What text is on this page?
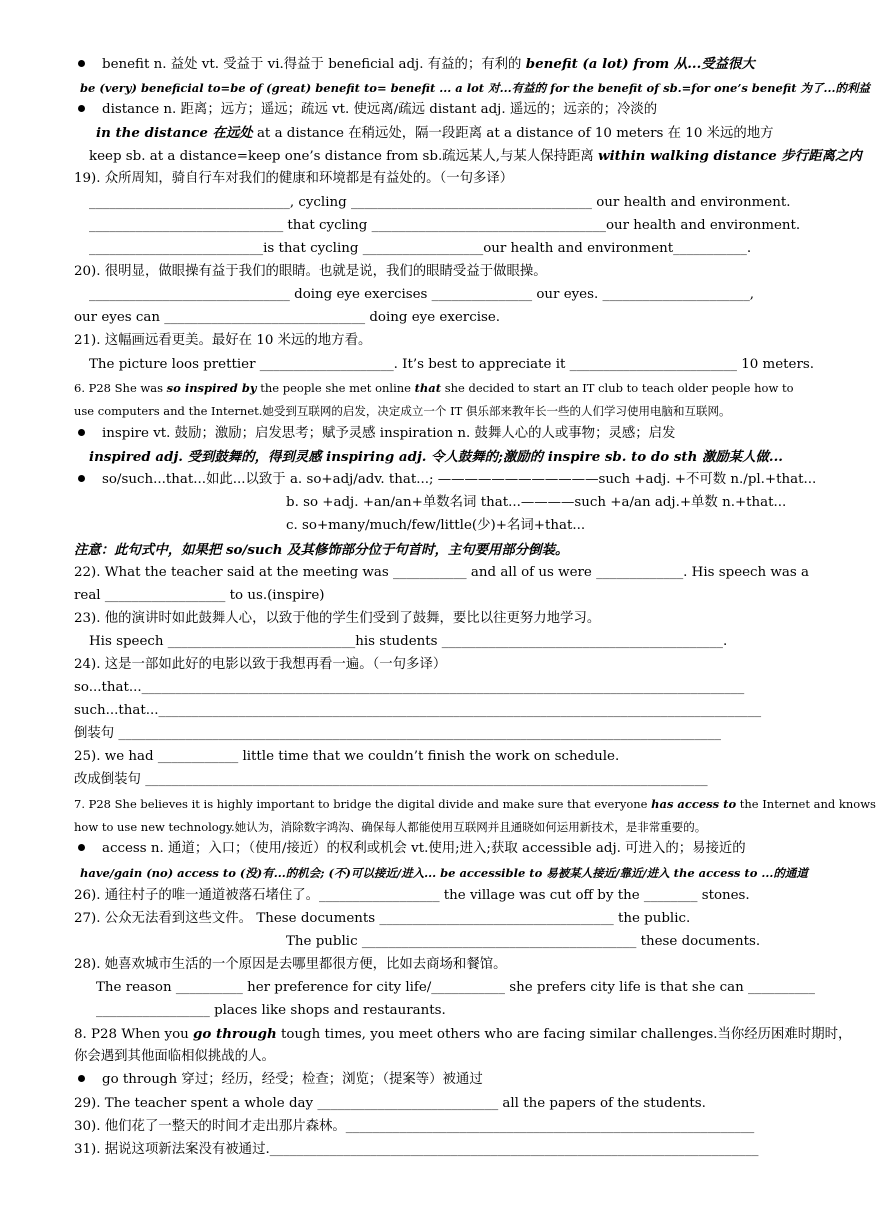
benefit n. 益处 vt. 受益于 vi.得益于 beneficial adj. 有益的；有利的 benefit (a lot) from 从...受益很大
be (very) beneficial to=be of (great) benefit to= benefit ... a lot 对...有益的 for the benefit of sb.=for one’s benefit 为了...的利益
distance n. 距离；远方；遥远；疏远 vt. 使远离/疏远 distant adj. 遥远的；远亲的；冷淡的
in the distance 在远处 at a distance 在稍远处，隔一段距离 at a distance of 10 meters 在 10 米远的地方
keep sb. at a distance=keep one’s distance from sb.疏远某人,与某人保持距离 within walking distance 步行距离之内
19). 众所周知，骑自行车对我们的健康和环境都是有益处的。（一句多译）
______________________________, cycling ____________________________________ our health and environment.
_____________________________ that cycling ___________________________________our health and environment.
__________________________is that cycling __________________our health and environment___________.
20). 很明显，做眼操有益于我们的眼睛。也就是说，我们的眼睛受益于做眼操。
______________________________ doing eye exercises _______________ our eyes. ______________________,
our eyes can ______________________________ doing eye exercise.
21). 这幅画远看更美。最好在 10 米远的地方看。
The picture loos prettier ____________________. It’s best to appreciate it _________________________ 10 meters.
6. P28 She was so inspired by the people she met online that she decided to start an IT club to teach older people how to
use computers and the Internet.她受到互联网的启发，决定成立一个 IT 俱乐部来教年长一些的人们学习使用电脑和互联网。
inspire vt. 鼓励；激励；启发思考；赋予灵感 inspiration n. 鼓舞人心的人或事物；灵感；启发
inspired adj. 受到鼓舞的，得到灵感 inspiring adj. 令人鼓舞的;激励的 inspire sb. to do sth 激励某人做...
so/such...that...如此...以致于 a. so+adj/adv. that...; ————————————such +adj. +不可数 n./pl.+that...
b. so +adj. +an/an+单数名词 that...————such +a/an adj.+单数 n.+that...
c. so+many/much/few/little(少)+名词+that...
注意：此句式中，如果把 so/such 及其修饰部分位于句首时，主句要用部分倒装。
22). What the teacher said at the meeting was ___________ and all of us were _____________. His speech was a
real __________________ to us.(inspire)
23). 他的演讲时如此鼓舞人心，以致于他的学生们受到了鼓舞，要比以往更努力地学习。
His speech ____________________________his students __________________________________________.
24). 这是一部如此好的电影以致于我想再看一遍。（一句多译）
so...that...__________________________________________________________________________________________
such...that...__________________________________________________________________________________________
倒装句 __________________________________________________________________________________________
25). we had ____________ little time that we couldn’t finish the work on schedule.
改成倒装句 ____________________________________________________________________________________
7. P28 She believes it is highly important to bridge the digital divide and make sure that everyone has access to the Internet and knows
how to use new technology.她认为，消除数字鸿沟、确保每人都能使用互联网并且通晓如何运用新技术，是非常重要的。
access n. 通道；入口；（使用/接近）的权利或机会 vt.使用;进入;获取 accessible adj. 可进入的；易接近的
have/gain (no) access to (没)有...的机会; (不)可以接近/进入... be accessible to 易被某人接近/靠近/进入 the access to ...的通道
26). 通往村子的唯一通道被落石堵住了。__________________ the village was cut off by the ________ stones.
27). 公众无法看到这些文件。 These documents ___________________________________ the public.
The public _________________________________________ these documents.
28). 她喜欢城市生活的一个原因是去哪里都很方便，比如去商场和餐馆。
The reason __________ her preference for city life/___________ she prefers city life is that she can __________
_________________ places like shops and restaurants.
8. P28 When you go through tough times, you meet others who are facing similar challenges.当你经历困难时期时，
你会遇到其他面临相似挑战的人。
go through 穿过；经历，经受；检查；浏览；（提案等）被通过
29). The teacher spent a whole day ___________________________ all the papers of the students.
30). 他们花了一整天的时间才走出那片森林。_____________________________________________________________
31). 据说这项新法案没有被通过._________________________________________________________________________
